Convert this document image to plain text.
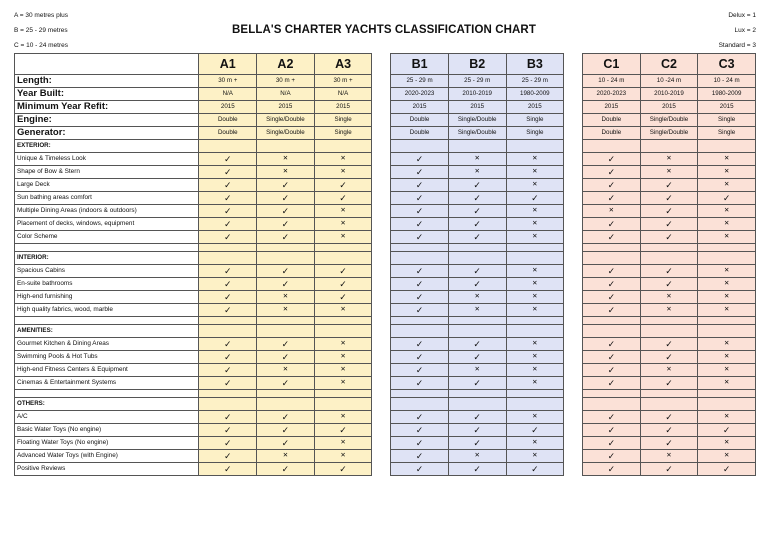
A = 30 metres plus
B = 25 - 29 metres
C = 10 - 24 metres
Delux = 1
Lux = 2
Standard = 3
BELLA'S CHARTER YACHTS CLASSIFICATION CHART
	A1	A2	A3		B1	B2	B3		C1	C2	C3
Length:	30 m +	30 m +	30 m +		25 - 29 m	25 - 29 m	25 - 29 m		10 - 24 m	10 -24 m	10 - 24 m
Year Built:	N/A	N/A	N/A		2020-2023	2010-2019	1980-2009		2020-2023	2010-2019	1980-2009
Minimum Year Refit:	2015	2015	2015		2015	2015	2015		2015	2015	2015
Engine:	Double	Single/Double	Single		Double	Single/Double	Single		Double	Single/Double	Single
Generator:	Double	Single/Double	Single		Double	Single/Double	Single		Double	Single/Double	Single
EXTERIOR:											
Unique & Timeless Look	✓	✕	✕		✓	✕	✕		✓	✕	✕
Shape of Bow & Stern	✓	✕	✕		✓	✕	✕		✓	✕	✕
Large Deck	✓	✓	✓		✓	✓	✕		✓	✓	✕
Sun bathing areas comfort	✓	✓	✓		✓	✓	✓		✓	✓	✓
Multiple Dining Areas (indoors & outdoors)	✓	✓	✕		✓	✓	✕		✕	✓	✕
Placement of decks, windows, equipment	✓	✓	✕		✓	✓	✕		✓	✓	✕
Color Scheme	✓	✓	✕		✓	✓	✕		✓	✓	✕

INTERIOR:											
Spacious Cabins	✓	✓	✓		✓	✓	✕		✓	✓	✕
En-suite bathrooms	✓	✓	✓		✓	✓	✕		✓	✓	✕
High-end furnishing	✓	✕	✓		✓	✕	✕		✓	✕	✕
High quality fabrics, wood, marble	✓	✕	✕		✓	✕	✕		✓	✕	✕

AMENITIES:											
Gourmet Kitchen & Dining Areas	✓	✓	✕		✓	✓	✕		✓	✓	✕
Swimming Pools & Hot Tubs	✓	✓	✕		✓	✓	✕		✓	✓	✕
High-end Fitness Centers & Equipment	✓	✕	✕		✓	✕	✕		✓	✕	✕
Cinemas & Entertainment Systems	✓	✓	✕		✓	✓	✕		✓	✓	✕

OTHERS:											
A/C	✓	✓	✕		✓	✓	✕		✓	✓	✕
Basic Water Toys (No engine)	✓	✓	✓		✓	✓	✓		✓	✓	✓
Floating Water Toys (No engine)	✓	✓	✕		✓	✓	✕		✓	✓	✕
Advanced Water Toys (with Engine)	✓	✕	✕		✓	✕	✕		✓	✕	✕
Positive Reviews	✓	✓	✓		✓	✓	✓		✓	✓	✓
